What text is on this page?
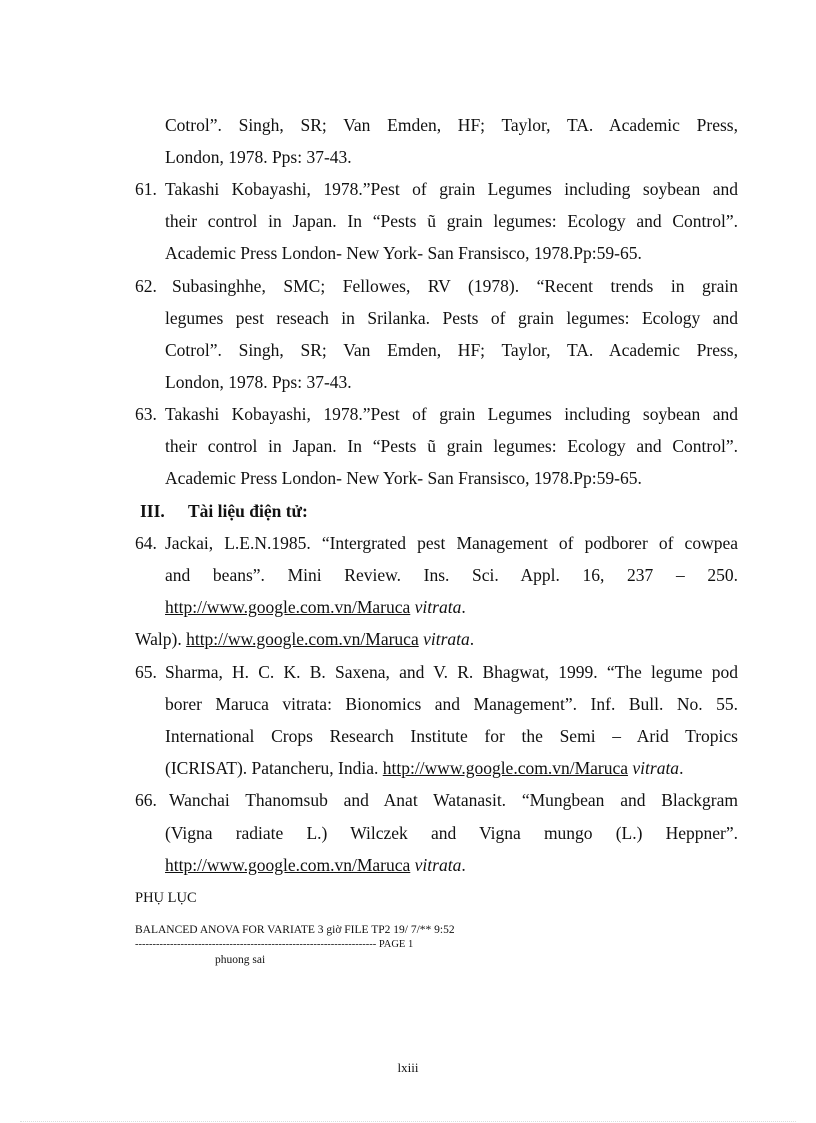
Cotrol”. Singh, SR; Van Emden, HF; Taylor, TA. Academic Press,
London, 1978. Pps: 37-43.
61. Takashi Kobayashi, 1978.”Pest of grain Legumes including soybean and
their control in Japan. In “Pests ũ grain legumes: Ecology and Control”.
Academic Press London- New York- San Fransisco, 1978.Pp:59-65.
62. Subasinghhe, SMC; Fellowes, RV (1978). “Recent trends in grain
legumes pest reseach in Srilanka. Pests of grain legumes: Ecology and
Cotrol”. Singh, SR; Van Emden, HF; Taylor, TA. Academic Press,
London, 1978. Pps: 37-43.
63. Takashi Kobayashi, 1978.”Pest of grain Legumes including soybean and
their control in Japan. In “Pests ũ grain legumes: Ecology and Control”.
Academic Press London- New York- San Fransisco, 1978.Pp:59-65.
III. Tài liệu điện tử:
64. Jackai, L.E.N.1985. “Intergrated pest Management of podborer of cowpea
and beans”. Mini Review. Ins. Sci. Appl. 16, 237 – 250.
http://www.google.com.vn/Maruca vitrata.
Walp). http://ww.google.com.vn/Maruca vitrata.
65. Sharma, H. C. K. B. Saxena, and V. R. Bhagwat, 1999. “The legume pod
borer Maruca vitrata: Bionomics and Management”. Inf. Bull. No. 55.
International Crops Research Institute for the Semi – Arid Tropics
(ICRISAT). Patancheru, India. http://www.google.com.vn/Maruca vitrata.
66. Wanchai Thanomsub and Anat Watanasit. “Mungbean and Blackgram
(Vigna radiate L.) Wilczek and Vigna mungo (L.) Heppner”.
http://www.google.com.vn/Maruca vitrata.
PHỤ LỤC
BALANCED ANOVA FOR VARIATE 3 giờ FILE TP2 19/ 7/** 9:52
--------------------------------------------------------------------- PAGE 1
phuong sai
lxiii
